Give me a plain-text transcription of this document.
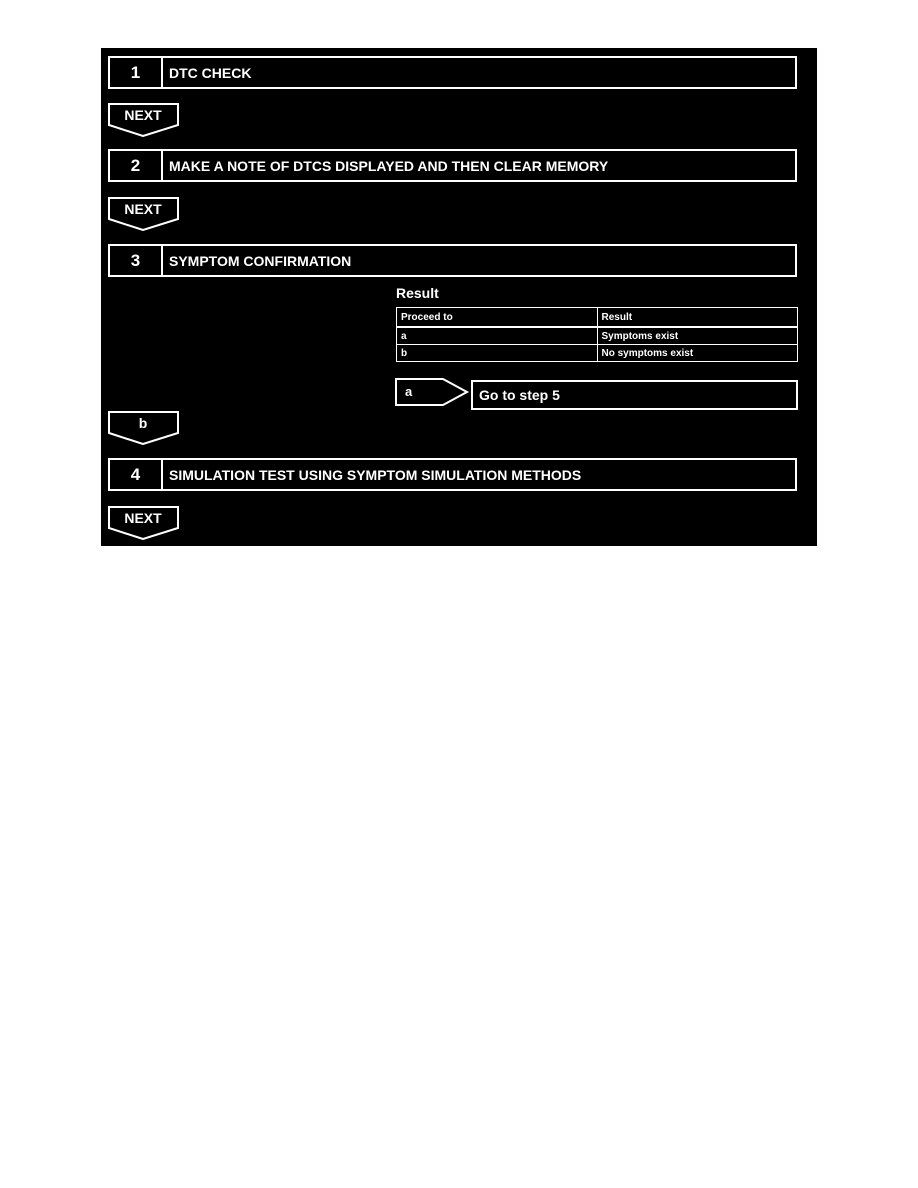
1	DTC CHECK
NEXT
2	MAKE A NOTE OF DTCS DISPLAYED AND THEN CLEAR MEMORY
NEXT
3	SYMPTOM CONFIRMATION
Result
Proceed to	Result
a	Symptoms exist
b	No symptoms exist
a	Go to step 5
b
4	SIMULATION TEST USING SYMPTOM SIMULATION METHODS
NEXT
